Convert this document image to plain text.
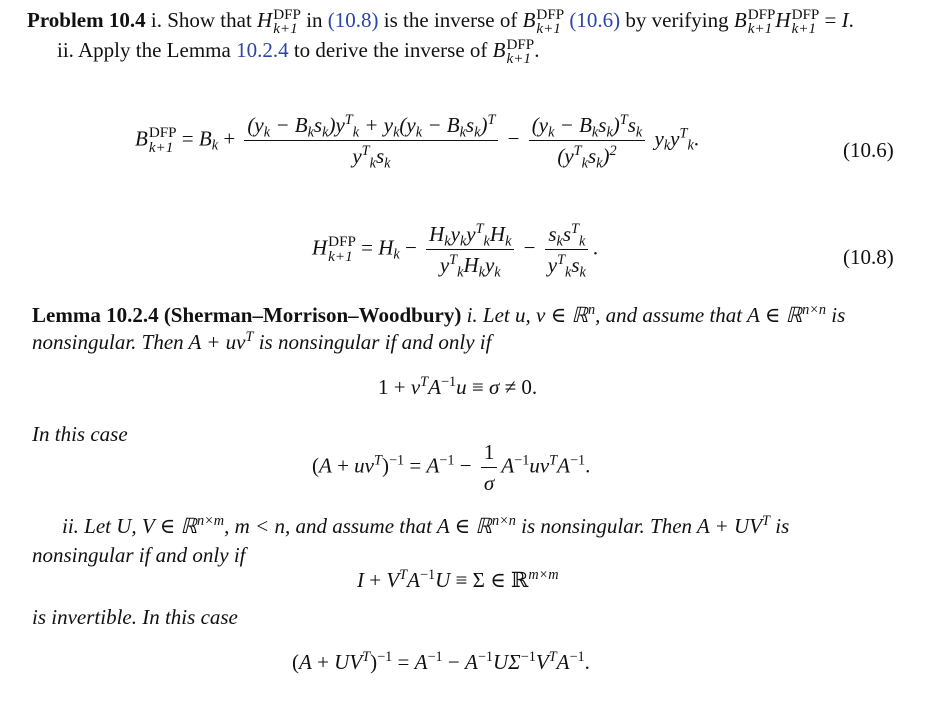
Problem 10.4 i. Show that H DFP
k+1 in (10.8) is the inverse of B DFP
k+1 (10.6) by verifying B DFP
k+1 H DFP
k+1 = I.
ii. Apply the Lemma 10.2.4 to derive the inverse of B DFP
k+1 .
B DFP
$k+1 = B_k + \frac{(y_k - B_ks_k)y^T_k + y_k(y_k - B_ks_k)^T}{y^T_ks_k} - \frac{(y_k - B_ks_k)^Ts_k}{(y^T_ks_k)^2} y_ky^T_k$.	(10.6)
H DFP
$k+1 = H_k - \frac{H_ky_ky^T_kH_k}{y^T_kH_ky_k} - \frac{s_ks^T_k}{y^T_ks_k}$ .	(10.8)
Lemma 10.2.4 (Sherman–Morrison–Woodbury) i. Let u, v ∈ ℝ$^n$, and assume that A ∈ ℝ$^{n\times n}$ is
nonsingular. Then $A + uv^T$ is nonsingular if and only if
$1 + v^TA^{-1}u \equiv \sigma \ne 0$.
In this case
$(A + uv^T)^{-1} = A^{-1} - \frac{1}{\sigma} A^{-1}uv^TA^{-1}$.
ii. Let U, V ∈ ℝ$^{n\times m}$, m < n, and assume that A ∈ ℝ$^{n\times n}$ is nonsingular. Then $A + UV^T$ is
nonsingular if and only if
$I + V^TA^{-1}U \equiv \Sigma$ ∈ ℝ$^{m\times m}$
is invertible. In this case
$(A + UV^T)^{-1} = A^{-1} - A^{-1}U\Sigma^{-1}V^TA^{-1}$.
